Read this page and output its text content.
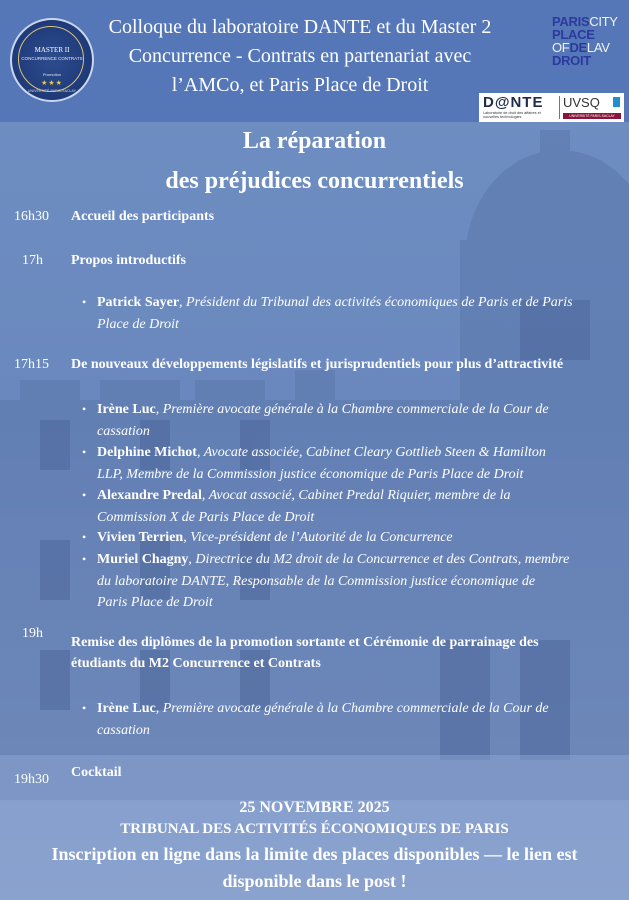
MASTER II
CONCURRENCE CONTRATS
Promotion
★★★
UNIVERSITÉ PARIS-SACLAY
Colloque du laboratoire DANTE et du Master 2
Concurrence - Contrats en partenariat avec
l’AMCo, et Paris Place de Droit
PARISCITY
PLACE
OFDELAV
DROIT
D@NTE
Laboratoire de droit des affaires et nouvelles technologies
UVSQ
UNIVERSITÉ PARIS-SACLAY
La réparation
des préjudices concurrentiels
16h30 Accueil des participants
17h Propos introductifs
• Patrick Sayer, Président du Tribunal des activités économiques de Paris et de Paris
Place de Droit
17h15 De nouveaux développements législatifs et jurisprudentiels pour plus d’attractivité
• Irène Luc, Première avocate générale à la Chambre commerciale de la Cour de
cassation
• Delphine Michot, Avocate associée, Cabinet Cleary Gottlieb Steen & Hamilton
LLP, Membre de la Commission justice économique de Paris Place de Droit
• Alexandre Predal, Avocat associé, Cabinet Predal Riquier, membre de la
Commission X de Paris Place de Droit
• Vivien Terrien, Vice-président de l’Autorité de la Concurrence
• Muriel Chagny, Directrice du M2 droit de la Concurrence et des Contrats, membre
du laboratoire DANTE, Responsable de la Commission justice économique de
Paris Place de Droit
19h
Remise des diplômes de la promotion sortante et Cérémonie de parrainage des
étudiants du M2 Concurrence et Contrats
• Irène Luc, Première avocate générale à la Chambre commerciale de la Cour de
cassation
Cocktail
19h30
25 NOVEMBRE 2025
TRIBUNAL DES ACTIVITÉS ÉCONOMIQUES DE PARIS
Inscription en ligne dans la limite des places disponibles — le lien est
disponible dans le post !
